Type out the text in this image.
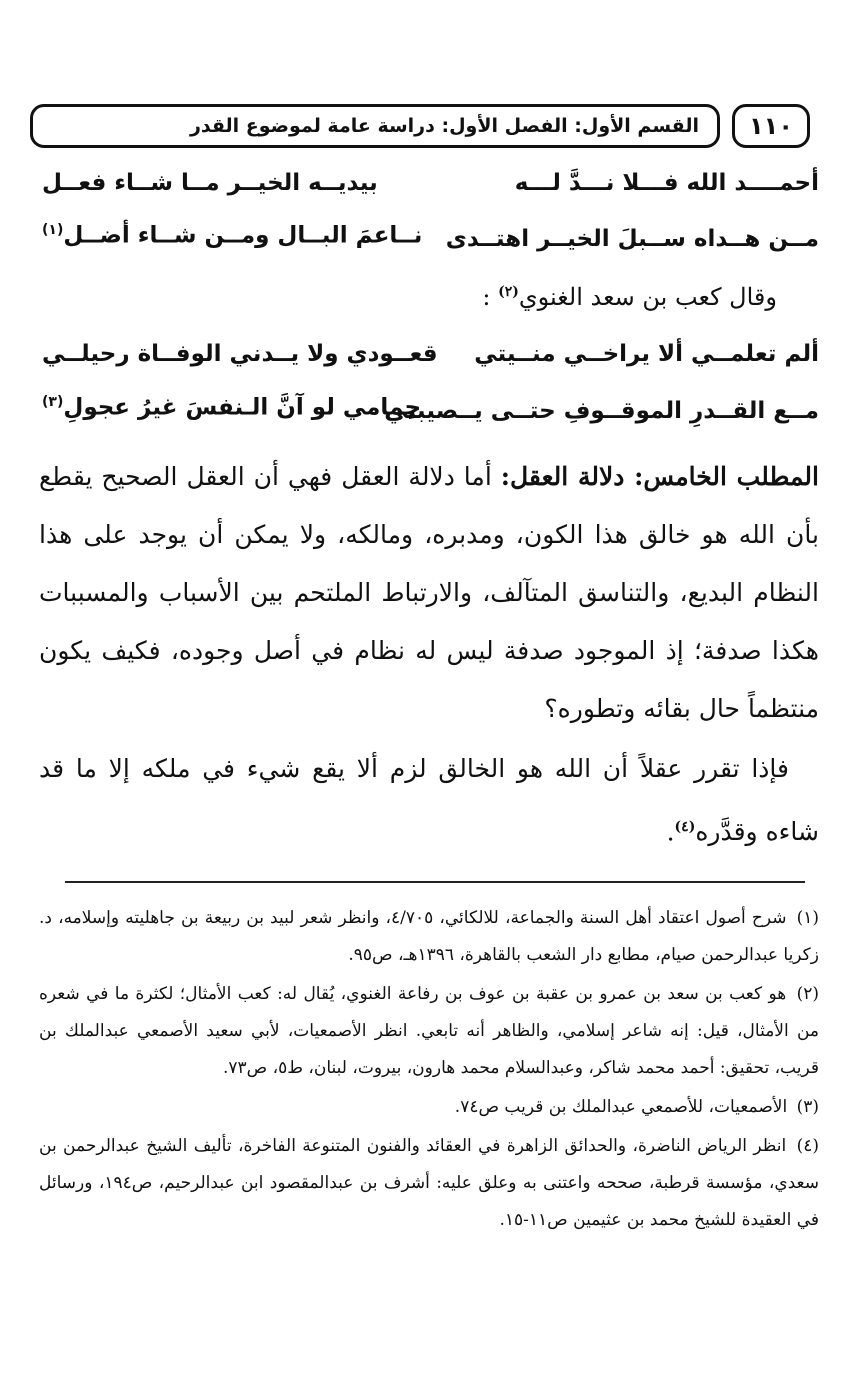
القسم الأول: الفصل الأول: دراسة عامة لموضوع القدر	١١٠
أحمــــد الله فـــلا نـــدَّ لـــه
بيديــه الخيــر مــا شــاء فعــل
مــن هــداه ســبلَ الخيــر اهتــدى
نــاعمَ البــال ومــن شــاء أضــل$^{(١)}$
وقال كعب بن سعد الغنوي$^{(٢)}$ :
ألم تعلمــي ألا يراخــي منــيتي
قعــودي ولا يــدني الوفــاة رحيلــي
مــع القــدرِ الموقــوفِ حتــى يــصيبني
حِمامي لو آنَّ الـنفسَ غيرُ عجولِ$^{(٣)}$
المطلب الخامس: دلالة العقل: أما دلالة العقل فهي أن العقل الصحيح يقطع بأن الله هو خالق هذا الكون، ومدبره، ومالكه، ولا يمكن أن يوجد على هذا النظام البديع، والتناسق المتآلف، والارتباط الملتحم بين الأسباب والمسببات هكذا صدفة؛ إذ الموجود صدفة ليس له نظام في أصل وجوده، فكيف يكون منتظماً حال بقائه وتطوره؟
فإذا تقرر عقلاً أن الله هو الخالق لزم ألا يقع شيء في ملكه إلا ما قد شاءه وقدَّره$^{(٤)}$.
(١) شرح أصول اعتقاد أهل السنة والجماعة، للالكائي، ٤/٧٠٥، وانظر شعر لبيد بن ربيعة بن جاهليته وإسلامه، د. زكريا عبدالرحمن صيام، مطابع دار الشعب بالقاهرة، ١٣٩٦هـ، ص٩٥.
(٢) هو كعب بن سعد بن عمرو بن عقبة بن عوف بن رفاعة الغنوي، يُقال له: كعب الأمثال؛ لكثرة ما في شعره من الأمثال، قيل: إنه شاعر إسلامي، والظاهر أنه تابعي. انظر الأصمعيات، لأبي سعيد الأصمعي عبدالملك بن قريب، تحقيق: أحمد محمد شاكر، وعبدالسلام محمد هارون، بيروت، لبنان، ط٥، ص٧٣.
(٣) الأصمعيات، للأصمعي عبدالملك بن قريب ص٧٤.
(٤) انظر الرياض الناضرة، والحدائق الزاهرة في العقائد والفنون المتنوعة الفاخرة، تأليف الشيخ عبدالرحمن بن سعدي، مؤسسة قرطبة، صححه واعتنى به وعلق عليه: أشرف بن عبدالمقصود ابن عبدالرحيم، ص١٩٤، ورسائل في العقيدة للشيخ محمد بن عثيمين ص١١-١٥.
